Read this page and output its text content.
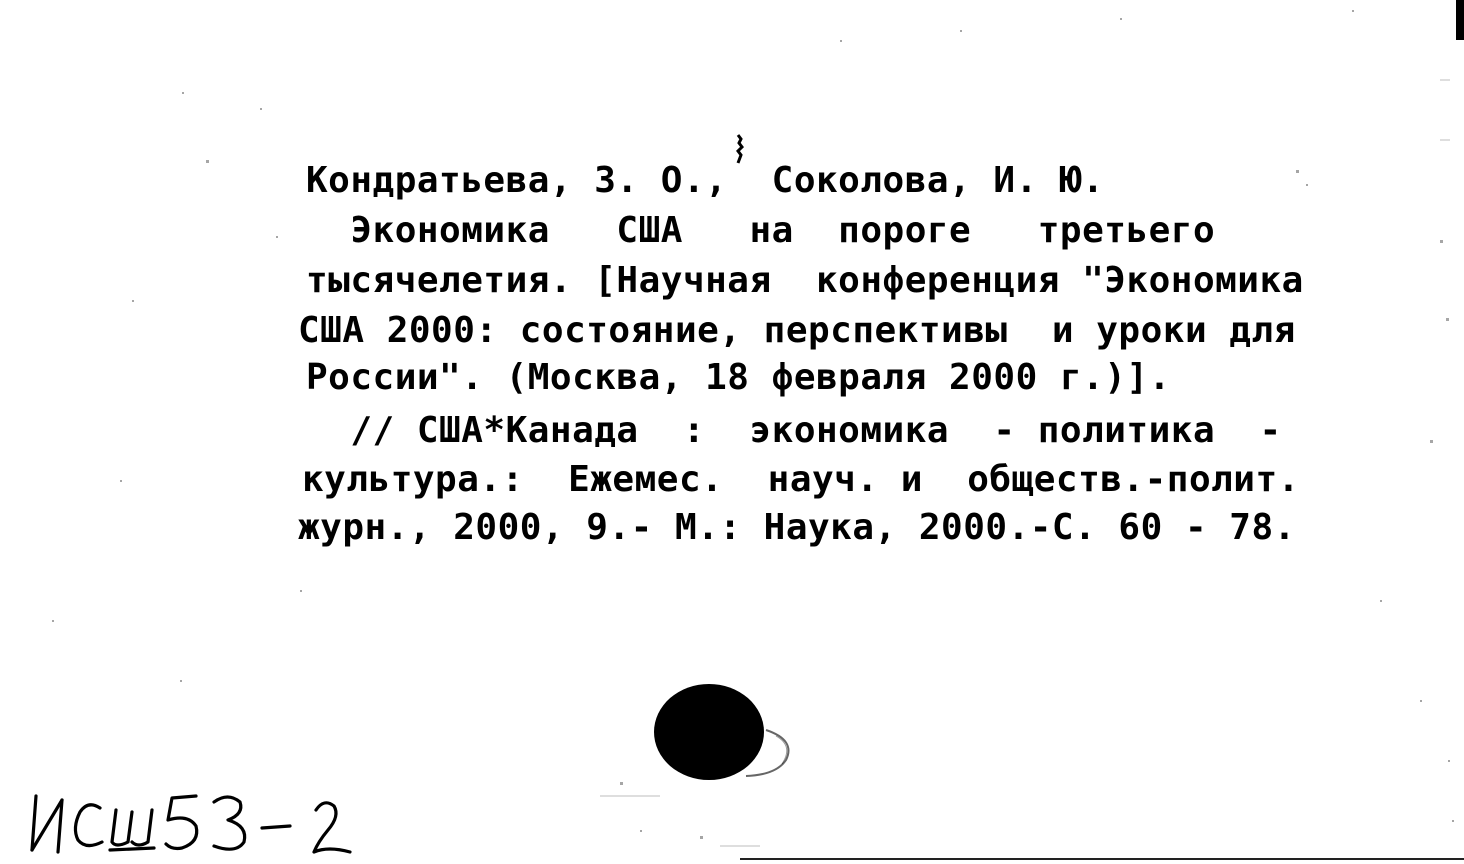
Кондратьева, З. О.,  Соколова, И. Ю.
Экономика   США   на  пороге   третьего
тысячелетия. [Научная  конференция "Экономика
США 2000: состояние, перспективы  и уроки для
России". (Москва, 18 февраля 2000 г.)].
// США*Канада  :  экономика  - политика  -
культура.:  Ежемес.  науч. и  обществ.-полит.
журн., 2000, 9.- М.: Наука, 2000.-С. 60 - 78.
